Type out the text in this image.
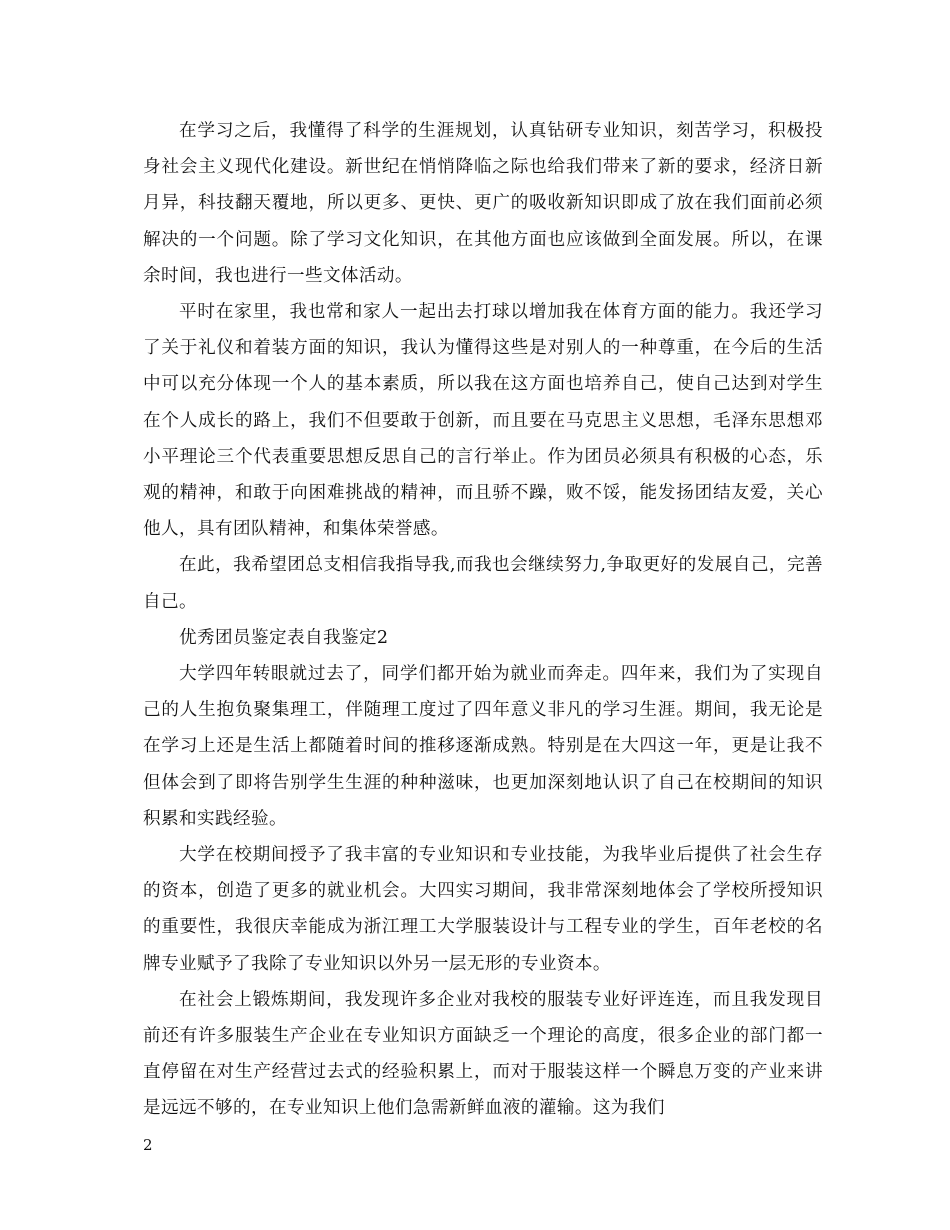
在学习之后，我懂得了科学的生涯规划，认真钻研专业知识，刻苦学习，积极投身社会主义现代化建设。新世纪在悄悄降临之际也给我们带来了新的要求，经济日新月异，科技翻天覆地，所以更多、更快、更广的吸收新知识即成了放在我们面前必须解决的一个问题。除了学习文化知识，在其他方面也应该做到全面发展。所以，在课余时间，我也进行一些文体活动。

平时在家里，我也常和家人一起出去打球以增加我在体育方面的能力。我还学习了关于礼仪和着装方面的知识，我认为懂得这些是对别人的一种尊重，在今后的生活中可以充分体现一个人的基本素质，所以我在这方面也培养自己，使自己达到对学生在个人成长的路上，我们不但要敢于创新，而且要在马克思主义思想，毛泽东思想邓小平理论三个代表重要思想反思自己的言行举止。作为团员必须具有积极的心态，乐观的精神，和敢于向困难挑战的精神，而且骄不躁，败不馁，能发扬团结友爱，关心他人，具有团队精神，和集体荣誉感。

在此，我希望团总支相信我指导我,而我也会继续努力,争取更好的发展自己，完善自己。

优秀团员鉴定表自我鉴定2

大学四年转眼就过去了，同学们都开始为就业而奔走。四年来，我们为了实现自己的人生抱负聚集理工，伴随理工度过了四年意义非凡的学习生涯。期间，我无论是在学习上还是生活上都随着时间的推移逐渐成熟。特别是在大四这一年，更是让我不但体会到了即将告别学生生涯的种种滋味，也更加深刻地认识了自己在校期间的知识积累和实践经验。

大学在校期间授予了我丰富的专业知识和专业技能，为我毕业后提供了社会生存的资本，创造了更多的就业机会。大四实习期间，我非常深刻地体会了学校所授知识的重要性，我很庆幸能成为浙江理工大学服装设计与工程专业的学生，百年老校的名牌专业赋予了我除了专业知识以外另一层无形的专业资本。

在社会上锻炼期间，我发现许多企业对我校的服装专业好评连连，而且我发现目前还有许多服装生产企业在专业知识方面缺乏一个理论的高度，很多企业的部门都一直停留在对生产经营过去式的经验积累上，而对于服装这样一个瞬息万变的产业来讲是远远不够的，在专业知识上他们急需新鲜血液的灌输。这为我们

2
